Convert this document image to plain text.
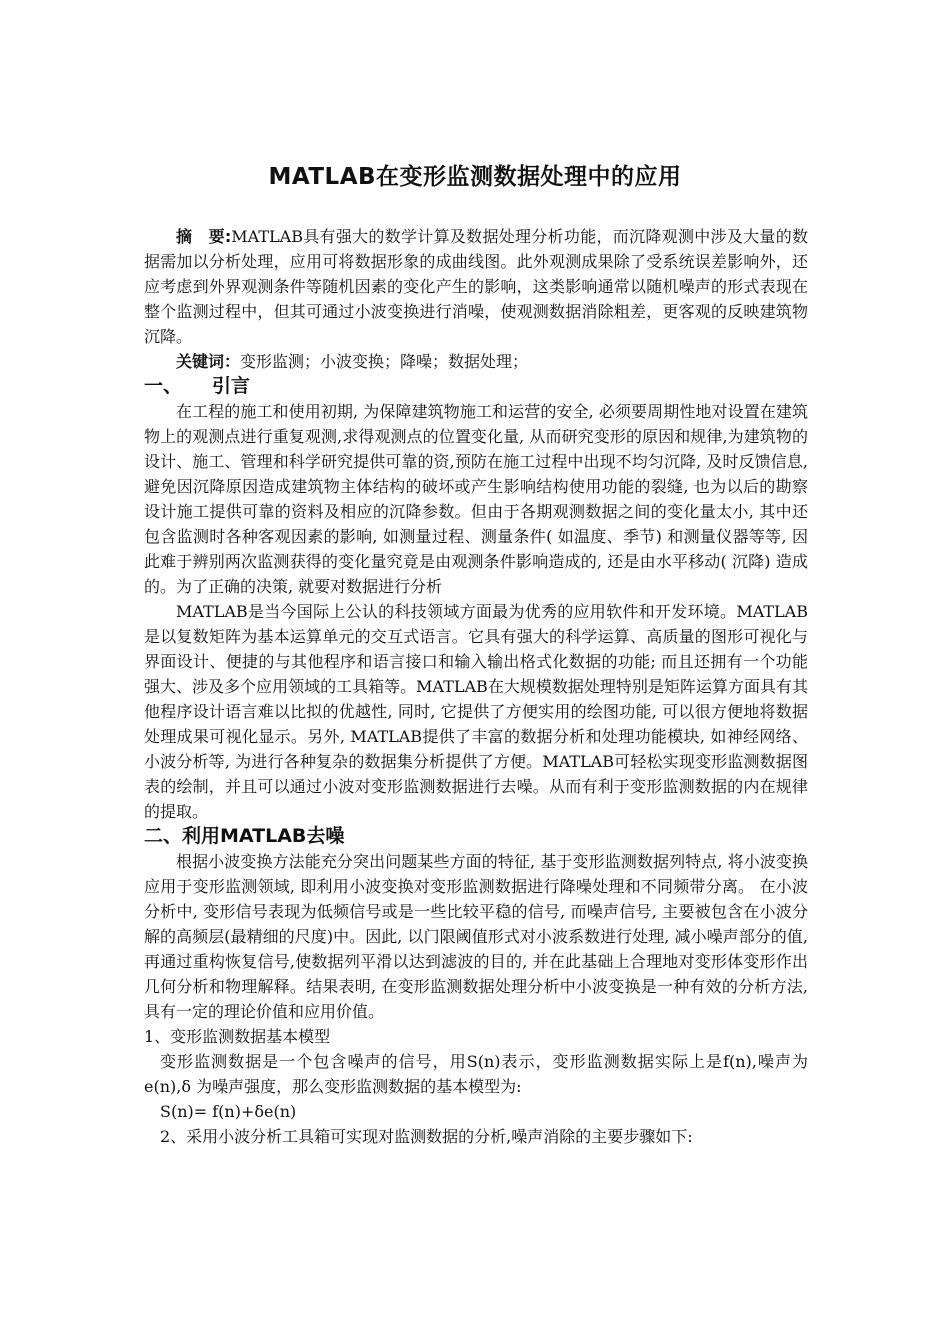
MATLAB在变形监测数据处理中的应用

摘　要:MATLAB具有强大的数学计算及数据处理分析功能，而沉降观测中涉及大量的数据需加以分析处理，应用可将数据形象的成曲线图。此外观测成果除了受系统误差影响外，还应考虑到外界观测条件等随机因素的变化产生的影响，这类影响通常以随机噪声的形式表现在整个监测过程中，但其可通过小波变换进行消噪，使观测数据消除粗差，更客观的反映建筑物沉降。

关键词：变形监测；小波变换；降噪；数据处理；

一、 引言

在工程的施工和使用初期, 为保障建筑物施工和运营的安全, 必须要周期性地对设置在建筑物上的观测点进行重复观测,求得观测点的位置变化量, 从而研究变形的原因和规律,为建筑物的设计、施工、管理和科学研究提供可靠的资,预防在施工过程中出现不均匀沉降, 及时反馈信息,避免因沉降原因造成建筑物主体结构的破坏或产生影响结构使用功能的裂缝, 也为以后的勘察设计施工提供可靠的资料及相应的沉降参数。但由于各期观测数据之间的变化量太小, 其中还包含监测时各种客观因素的影响, 如测量过程、测量条件( 如温度、季节) 和测量仪器等等, 因此难于辨别两次监测获得的变化量究竟是由观测条件影响造成的, 还是由水平移动( 沉降) 造成的。为了正确的决策, 就要对数据进行分析

MATLAB是当今国际上公认的科技领域方面最为优秀的应用软件和开发环境。MATLAB是以复数矩阵为基本运算单元的交互式语言。它具有强大的科学运算、高质量的图形可视化与界面设计、便捷的与其他程序和语言接口和输入输出格式化数据的功能; 而且还拥有一个功能强大、涉及多个应用领域的工具箱等。MATLAB在大规模数据处理特别是矩阵运算方面具有其他程序设计语言难以比拟的优越性, 同时, 它提供了方便实用的绘图功能, 可以很方便地将数据处理成果可视化显示。另外, MATLAB提供了丰富的数据分析和处理功能模块, 如神经网络、小波分析等, 为进行各种复杂的数据集分析提供了方便。MATLAB可轻松实现变形监测数据图表的绘制，并且可以通过小波对变形监测数据进行去噪。从而有利于变形监测数据的内在规律的提取。

二、利用MATLAB去噪

根据小波变换方法能充分突出问题某些方面的特征, 基于变形监测数据列特点, 将小波变换应用于变形监测领域, 即利用小波变换对变形监测数据进行降噪处理和不同频带分离。 在小波分析中, 变形信号表现为低频信号或是一些比较平稳的信号, 而噪声信号, 主要被包含在小波分解的高频层(最精细的尺度)中。因此, 以门限阈值形式对小波系数进行处理, 减小噪声部分的值,再通过重构恢复信号,使数据列平滑以达到滤波的目的, 并在此基础上合理地对变形体变形作出几何分析和物理解释。结果表明, 在变形监测数据处理分析中小波变换是一种有效的分析方法, 具有一定的理论价值和应用价值。

1、变形监测数据基本模型

变形监测数据是一个包含噪声的信号，用S(n)表示，变形监测数据实际上是f(n),噪声为e(n),δ 为噪声强度，那么变形监测数据的基本模型为:

S(n)= f(n)+δe(n)

2、采用小波分析工具箱可实现对监测数据的分析,噪声消除的主要步骤如下:
